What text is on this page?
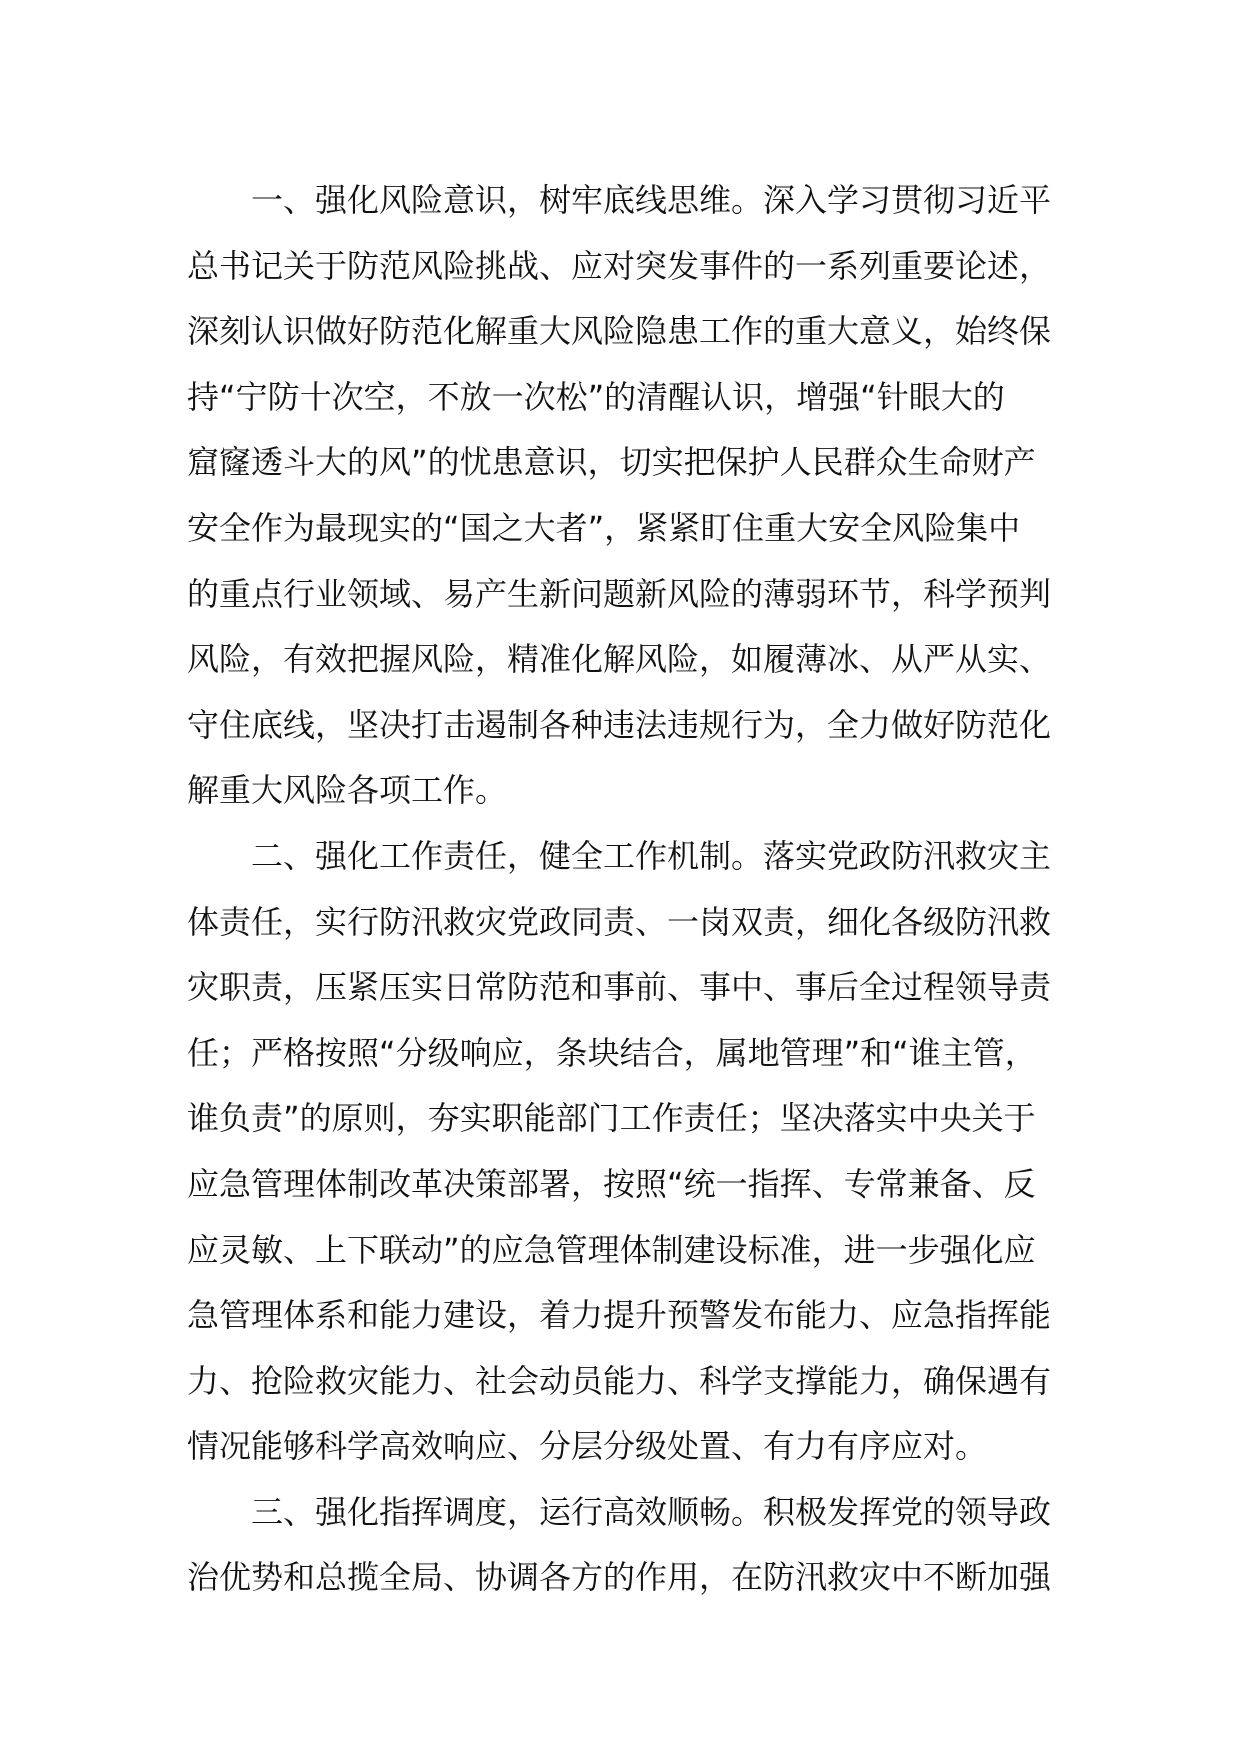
一、强化风险意识，树牢底线思维。深入学习贯彻习近平
总书记关于防范风险挑战、应对突发事件的一系列重要论述，
深刻认识做好防范化解重大风险隐患工作的重大意义，始终保
持“宁防十次空，不放一次松”的清醒认识，增强“针眼大的
窟窿透斗大的风”的忧患意识，切实把保护人民群众生命财产
安全作为最现实的“国之大者”，紧紧盯住重大安全风险集中
的重点行业领域、易产生新问题新风险的薄弱环节，科学预判
风险，有效把握风险，精准化解风险，如履薄冰、从严从实、
守住底线，坚决打击遏制各种违法违规行为，全力做好防范化
解重大风险各项工作。
二、强化工作责任，健全工作机制。落实党政防汛救灾主
体责任，实行防汛救灾党政同责、一岗双责，细化各级防汛救
灾职责，压紧压实日常防范和事前、事中、事后全过程领导责
任；严格按照“分级响应，条块结合，属地管理”和“谁主管，
谁负责”的原则，夯实职能部门工作责任；坚决落实中央关于
应急管理体制改革决策部署，按照“统一指挥、专常兼备、反
应灵敏、上下联动”的应急管理体制建设标准，进一步强化应
急管理体系和能力建设，着力提升预警发布能力、应急指挥能
力、抢险救灾能力、社会动员能力、科学支撑能力，确保遇有
情况能够科学高效响应、分层分级处置、有力有序应对。
三、强化指挥调度，运行高效顺畅。积极发挥党的领导政
治优势和总揽全局、协调各方的作用，在防汛救灾中不断加强
